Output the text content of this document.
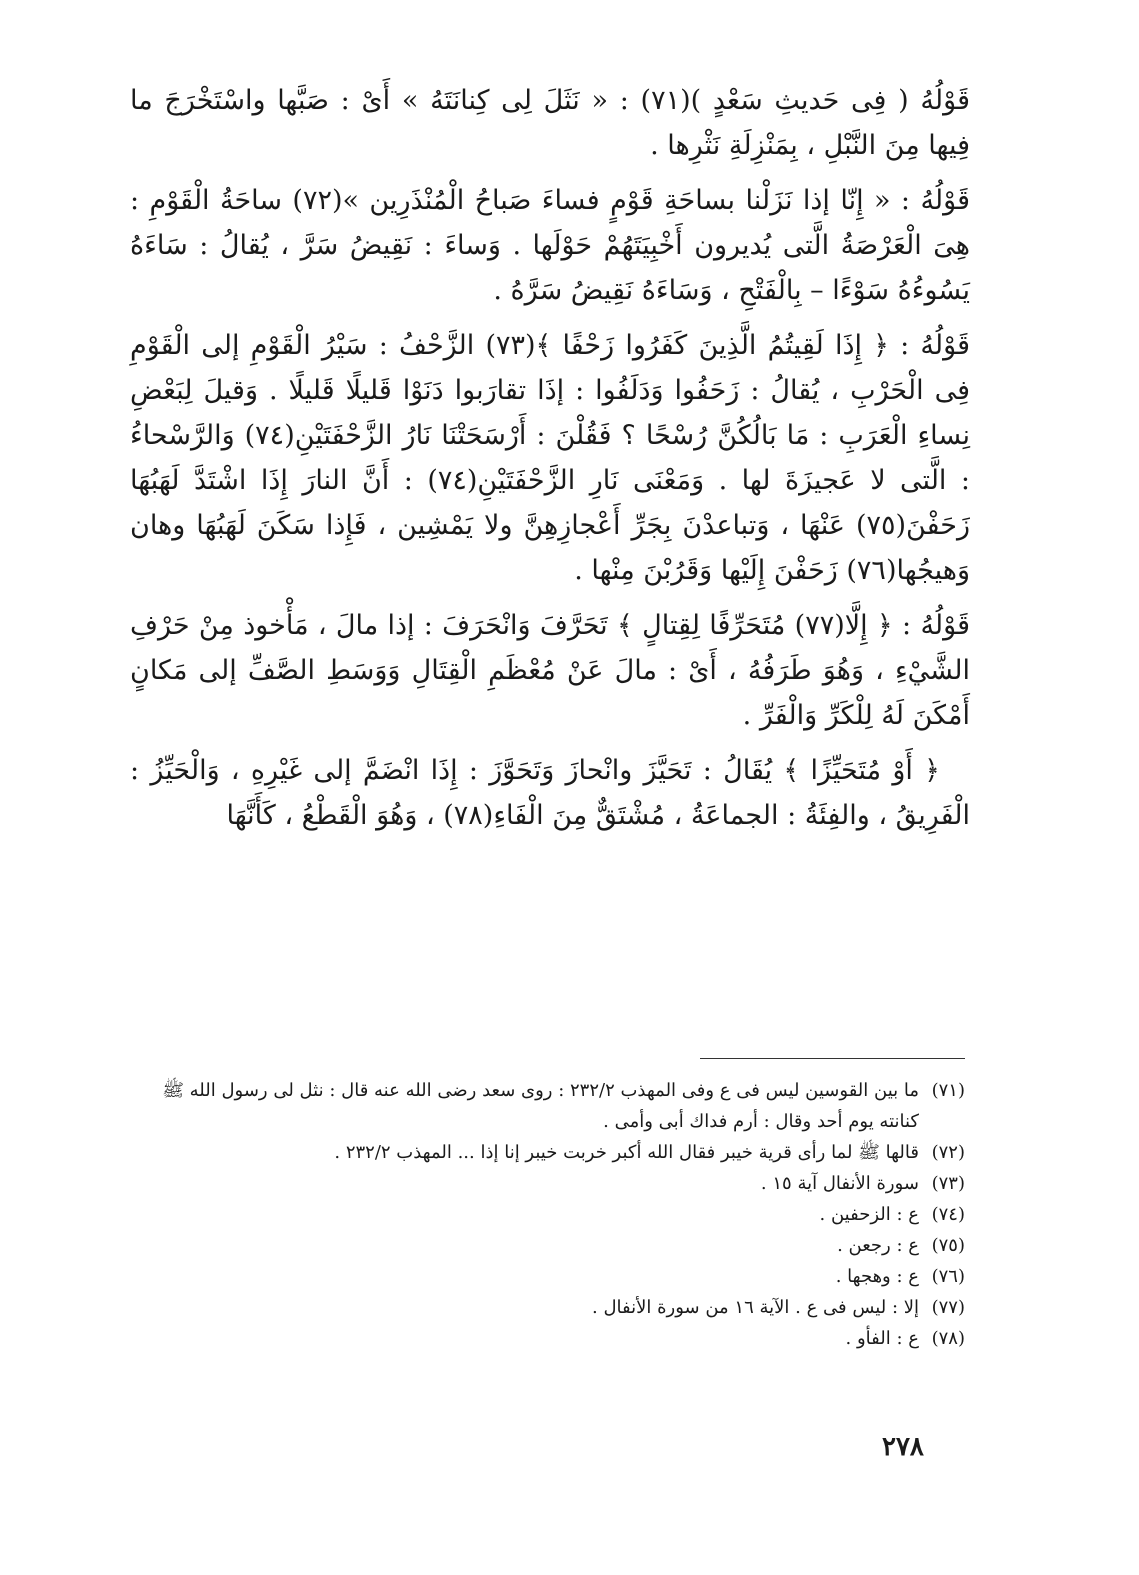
قَوْلُهُ ( فِى حَديثِ سَعْدٍ )(٧١) : « نَثَلَ لِى كِنانَتَهُ » أَىْ : صَبَّها واسْتَخْرَجَ ما فِيها مِنَ النَّبْلِ ، بِمَنْزِلَةِ نَثْرِها .

قَوْلُهُ : « إِنّا إذا نَزَلْنا بساحَةِ قَوْمٍ فساءَ صَباحُ الْمُنْذَرِين »(٧٢) ساحَةُ الْقَوْمِ : هِىَ الْعَرْصَةُ الَّتى يُديرون أَخْبِيَتَهُمْ حَوْلَها . وَساءَ : نَقِيضُ سَرَّ ، يُقالُ : سَاءَهُ يَسُوءُهُ سَوْءًا – بِالْفَتْحِ ، وَسَاءَهُ نَقِيضُ سَرَّهُ .

قَوْلُهُ : ﴿ إِذَا لَقِيتُمُ الَّذِينَ كَفَرُوا زَحْفًا ﴾(٧٣) الزَّحْفُ : سَيْرُ الْقَوْمِ إلى الْقَوْمِ فِى الْحَرْبِ ، يُقالُ : زَحَفُوا وَدَلَفُوا : إذَا تقارَبوا دَنَوْا قَليلًا قَليلًا . وَقيلَ لِبَعْضِ نِساءِ الْعَرَبِ : مَا بَالُكُنَّ رُسْحًا ؟ فَقُلْنَ : أَرْسَحَتْنَا نَارُ الزَّحْفَتَيْنِ(٧٤) وَالرَّسْحاءُ : الَّتى لا عَجيزَةَ لها . وَمَعْنَى نَارِ الزَّحْفَتَيْنِ(٧٤) : أَنَّ النارَ إِذَا اشْتَدَّ لَهَبُهَا زَحَفْنَ(٧٥) عَنْهَا ، وَتباعدْنَ بِجَرِّ أَعْجازِهِنَّ ولا يَمْشِين ، فَإِذا سَكَنَ لَهَبُهَا وهان وَهيجُها(٧٦) زَحَفْنَ إِلَيْها وَقَرُبْنَ مِنْها .

قَوْلُهُ : ﴿ إِلَّا(٧٧) مُتَحَرِّفًا لِقِتالٍ ﴾ تَحَرَّفَ وَانْحَرَفَ : إذا مالَ ، مَأْخوذ مِنْ حَرْفِ الشَّيْءِ ، وَهُوَ طَرَفُهُ ، أَىْ : مالَ عَنْ مُعْظَمِ الْقِتَالِ وَوَسَطِ الصَّفِّ إلى مَكانٍ أَمْكَنَ لَهُ لِلْكَرِّ وَالْفَرِّ .

﴿ أَوْ مُتَحَيِّزًا ﴾ يُقَالُ : تَحَيَّزَ وانْحازَ وَتَحَوَّزَ : إِذَا انْضَمَّ إلى غَيْرِهِ ، وَالْحَيِّزُ : الْفَرِيقُ ، والفِئَةُ : الجماعَةُ ، مُشْتَقٌّ مِنَ الْفَاءِ(٧٨) ، وَهُوَ الْقَطْعُ ، كَأَنَّهَا

(٧١)
ما بين القوسين ليس فى ع وفى المهذب ٢٣٢/٢ : روى سعد رضى الله عنه قال : نثل لى رسول الله ﷺ كنانته يوم أحد وقال : أرم فداك أبى وأمى .
(٧٢)
قالها ﷺ لما رأى قرية خيبر فقال الله أكبر خربت خيبر إنا إذا ... المهذب ٢٣٢/٢ .
(٧٣)
سورة الأنفال آية ١٥ .
(٧٤)
ع : الزحفين .
(٧٥)
ع : رجعن .
(٧٦)
ع : وهجها .
(٧٧)
إلا : ليس فى ع . الآية ١٦ من سورة الأنفال .
(٧٨)
ع : الفأو .
٢٧٨
